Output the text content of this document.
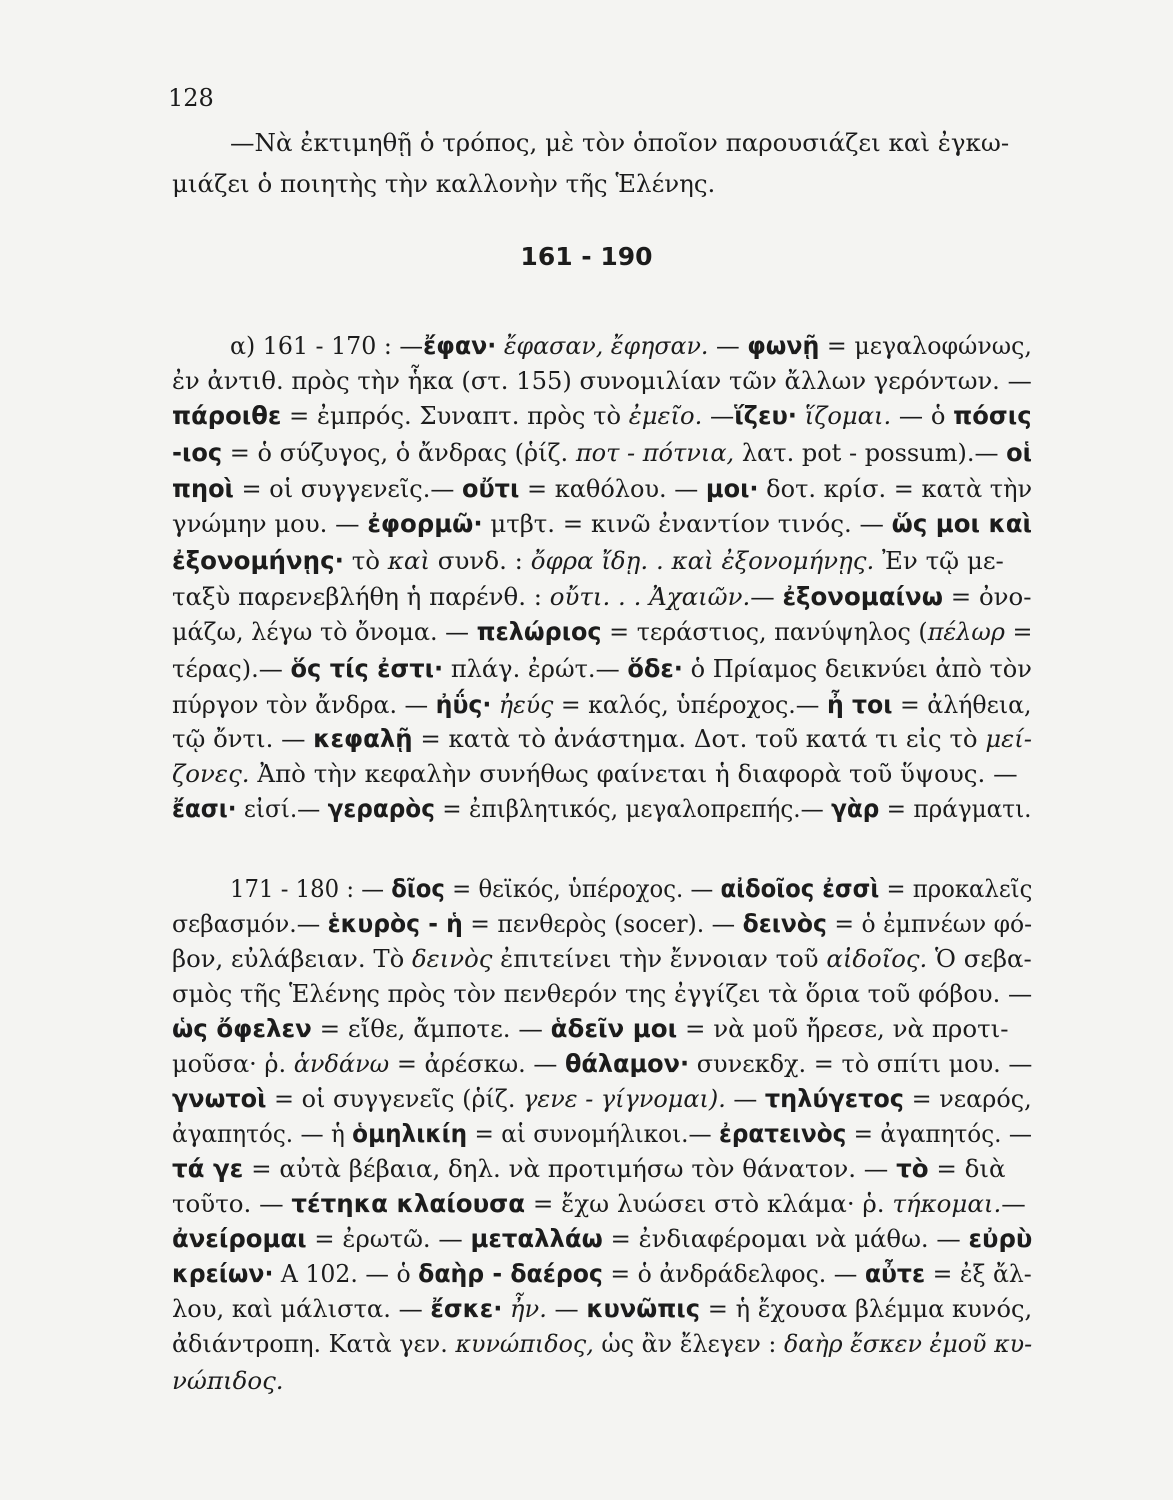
128
—Νὰ ἐκτιμηθῇ ὁ τρόπος, μὲ τὸν ὁποῖον παρουσιάζει καὶ ἐγκω-
μιάζει ὁ ποιητὴς τὴν καλλονὴν τῆς Ἑλένης.
161 - 190
α) 161 - 170 : —ἔφαν· ἔφασαν, ἔφησαν. — φωνῇ = μεγαλοφώνως,
ἐν ἀντιθ. πρὸς τὴν ἧκα (στ. 155) συνομιλίαν τῶν ἄλλων γερόντων. —
πάροιθε = ἐμπρός. Συναπτ. πρὸς τὸ ἐμεῖο. —ἵζευ· ἵζομαι. — ὁ πόσις
-ιος = ὁ σύζυγος, ὁ ἄνδρας (ῥίζ. ποτ - πότνια, λατ. pot - possum).— οἱ
πηοὶ = οἱ συγγενεῖς.— οὔτι = καθόλου. — μοι· δοτ. κρίσ. = κατὰ τὴν
γνώμην μου. — ἐφορμῶ· μτβτ. = κινῶ ἐναντίον τινός. — ὥς μοι καὶ
ἐξονομήνῃς· τὸ καὶ συνδ. : ὄφρα ἴδῃ. . καὶ ἐξονομήνῃς. Ἐν τῷ με-
ταξὺ παρενεβλήθη ἡ παρένθ. : οὔτι. . . Ἀχαιῶν.— ἐξονομαίνω = ὀνο-
μάζω, λέγω τὸ ὄνομα. — πελώριος = τεράστιος, πανύψηλος (πέλωρ =
τέρας).— ὅς τίς ἐστι· πλάγ. ἐρώτ.— ὅδε· ὁ Πρίαμος δεικνύει ἀπὸ τὸν
πύργον τὸν ἄνδρα. — ἠΰς· ἠεύς = καλός, ὑπέροχος.— ἦ τοι = ἀλήθεια,
τῷ ὄντι. — κεφαλῇ = κατὰ τὸ ἀνάστημα. Δοτ. τοῦ κατά τι εἰς τὸ μεί-
ζονες. Ἀπὸ τὴν κεφαλὴν συνήθως φαίνεται ἡ διαφορὰ τοῦ ὕψους. —
ἔασι· εἰσί.— γεραρὸς = ἐπιβλητικός, μεγαλοπρεπής.— γὰρ = πράγματι.
171 - 180 : — δῖος = θεϊκός, ὑπέροχος. — αἰδοῖος ἐσσὶ = προκαλεῖς
σεβασμόν.— ἑκυρὸς - ἡ = πενθερὸς (socer). — δεινὸς = ὁ ἐμπνέων φό-
βον, εὐλάβειαν. Τὸ δεινὸς ἐπιτείνει τὴν ἔννοιαν τοῦ αἰδοῖος. Ὁ σεβα-
σμὸς τῆς Ἑλένης πρὸς τὸν πενθερόν της ἐγγίζει τὰ ὅρια τοῦ φόβου. —
ὡς ὄφελεν = εἴθε, ἄμποτε. — ἁδεῖν μοι = νὰ μοῦ ἤρεσε, νὰ προτι-
μοῦσα· ῥ. ἁνδάνω = ἀρέσκω. — θάλαμον· συνεκδχ. = τὸ σπίτι μου. —
γνωτοὶ = οἱ συγγενεῖς (ῥίζ. γενε - γίγνομαι). — τηλύγετος = νεαρός,
ἀγαπητός. — ἡ ὁμηλικίη = αἱ συνομήλικοι.— ἐρατεινὸς = ἀγαπητός. —
τά γε = αὐτὰ βέβαια, δηλ. νὰ προτιμήσω τὸν θάνατον. — τὸ = διὰ
τοῦτο. — τέτηκα κλαίουσα = ἔχω λυώσει στὸ κλάμα· ῥ. τήκομαι.—
ἀνείρομαι = ἐρωτῶ. — μεταλλάω = ἐνδιαφέρομαι νὰ μάθω. — εὐρὺ
κρείων· Α 102. — ὁ δαὴρ - δαέρος = ὁ ἀνδράδελφος. — αὖτε = ἐξ ἄλ-
λου, καὶ μάλιστα. — ἔσκε· ἦν. — κυνῶπις = ἡ ἔχουσα βλέμμα κυνός,
ἀδιάντροπη. Κατὰ γεν. κυνώπιδος, ὡς ἂν ἔλεγεν : δαὴρ ἔσκεν ἐμοῦ κυ-
νώπιδος.
